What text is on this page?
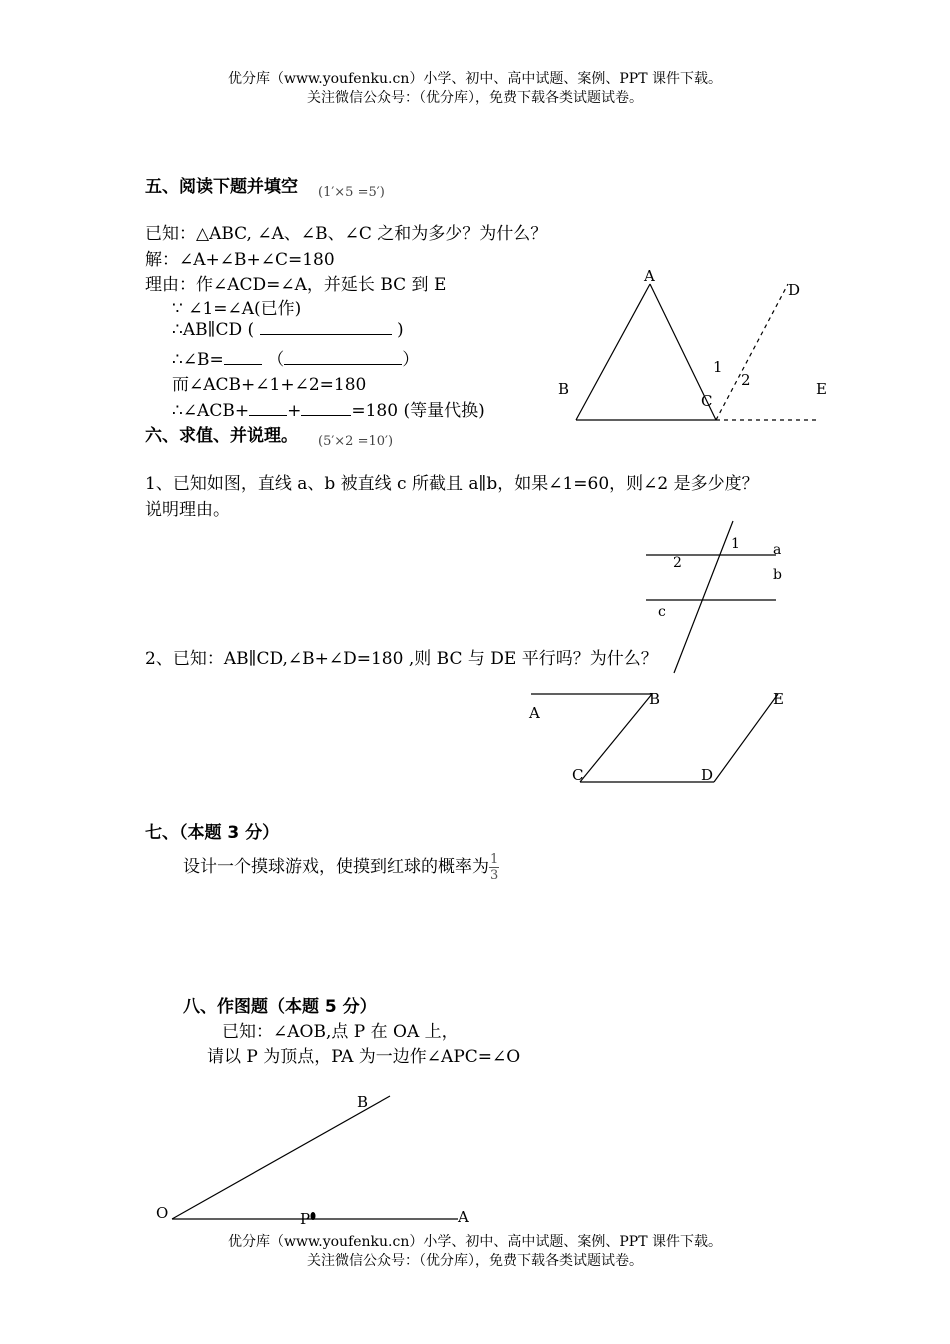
优分库（www.youfenku.cn）小学、初中、高中试题、案例、PPT 课件下载。
关注微信公众号：（优分库），免费下载各类试题试卷。
五、阅读下题并填空 (1′×5 =5′)
已知：△ABC, ∠A、∠B、∠C 之和为多少？为什么？
解：∠A+∠B+∠C=180
理由：作∠ACD=∠A，并延长 BC 到 E
∵ ∠1=∠A(已作)
∴AB∥CD (	)
∴∠B=	（	）
而∠ACB+∠1+∠2=180
∴∠ACB+ +	=180 (等量代换)
A
B
C
D
E
1
2
六、求值、并说理。 (5′×2 =10′)
1、已知如图，直线 a、b 被直线 c 所截且 a∥b，如果∠1=60，则∠2 是多少度？
说明理由。
1
2
a
b
c
2、已知：AB∥CD,∠B+∠D=180 ,则 BC 与 DE 平行吗？为什么？
A
B
C	D
E
七、（本题 3 分）
设计一个摸球游戏，使摸到红球的概率为 $\frac{1}{3}$
八、作图题（本题 5 分）
已知：∠AOB,点 P 在 OA 上，
请以 P 为顶点，PA 为一边作∠APC=∠O
O	A
B
P
优分库（www.youfenku.cn）小学、初中、高中试题、案例、PPT 课件下载。
关注微信公众号：（优分库），免费下载各类试题试卷。
